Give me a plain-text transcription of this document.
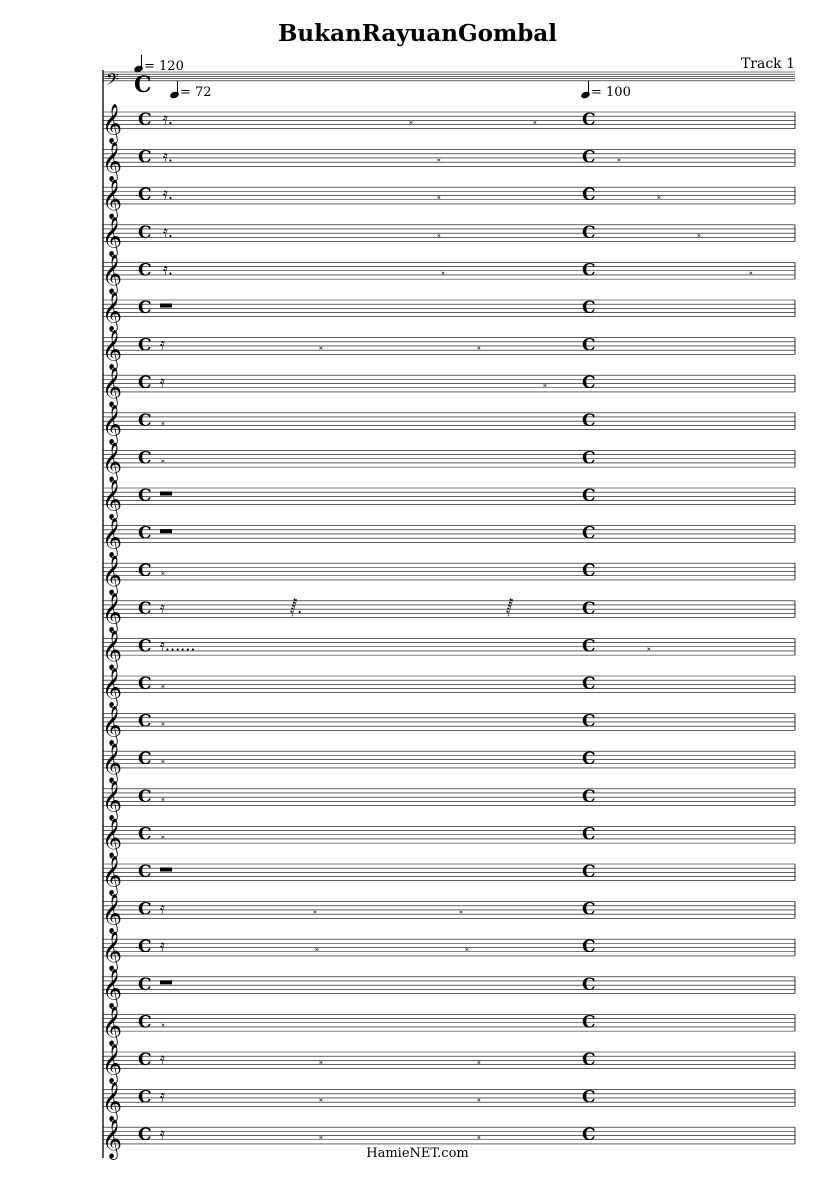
BukanRayuanGombal
Track 1
= 120
= 72	= 100
𝄢 C
𝄞 C	C
𝄿.	𝅃	𝅃
𝄞 C	C
𝄿.	𝅃	𝅃
𝄞 C	C
𝄿.	𝅃	𝅃
𝄞 C	C
𝄿.	𝅃	𝅃
𝄞 C	C
𝄿.	𝅃	𝅃
𝄞 C	C
𝄞 C	C
𝄿	𝅃	𝅃
𝄞 C	C
𝄿	𝅃
𝄞 C	C
𝅃
𝄞 C	C
𝅃
𝄞 C	C
𝄞 C	C
𝄞 C	C
𝅃
𝄞 C	C
𝄿	𝅂.	𝅂
𝄞 C	C
𝄿......	𝅃
𝄞 C	C
𝅃
𝄞 C	C
𝅃
𝄞 C	C
𝅃
𝄞 C	C
𝅃
𝄞 C	C
𝅃
𝄞 C	C
𝄞 C	C
𝄿	𝅃	𝅃
𝄞 C	C
𝄿	𝅃	𝅃
𝄞 C	C
𝄞 C	C
𝅃
𝄞 C	C
𝄿	𝅃	𝅃
𝄞 C	C
𝄿	𝅃	𝅃
𝄞 C	C
𝄿	𝅃	𝅃
HamieNET.com
